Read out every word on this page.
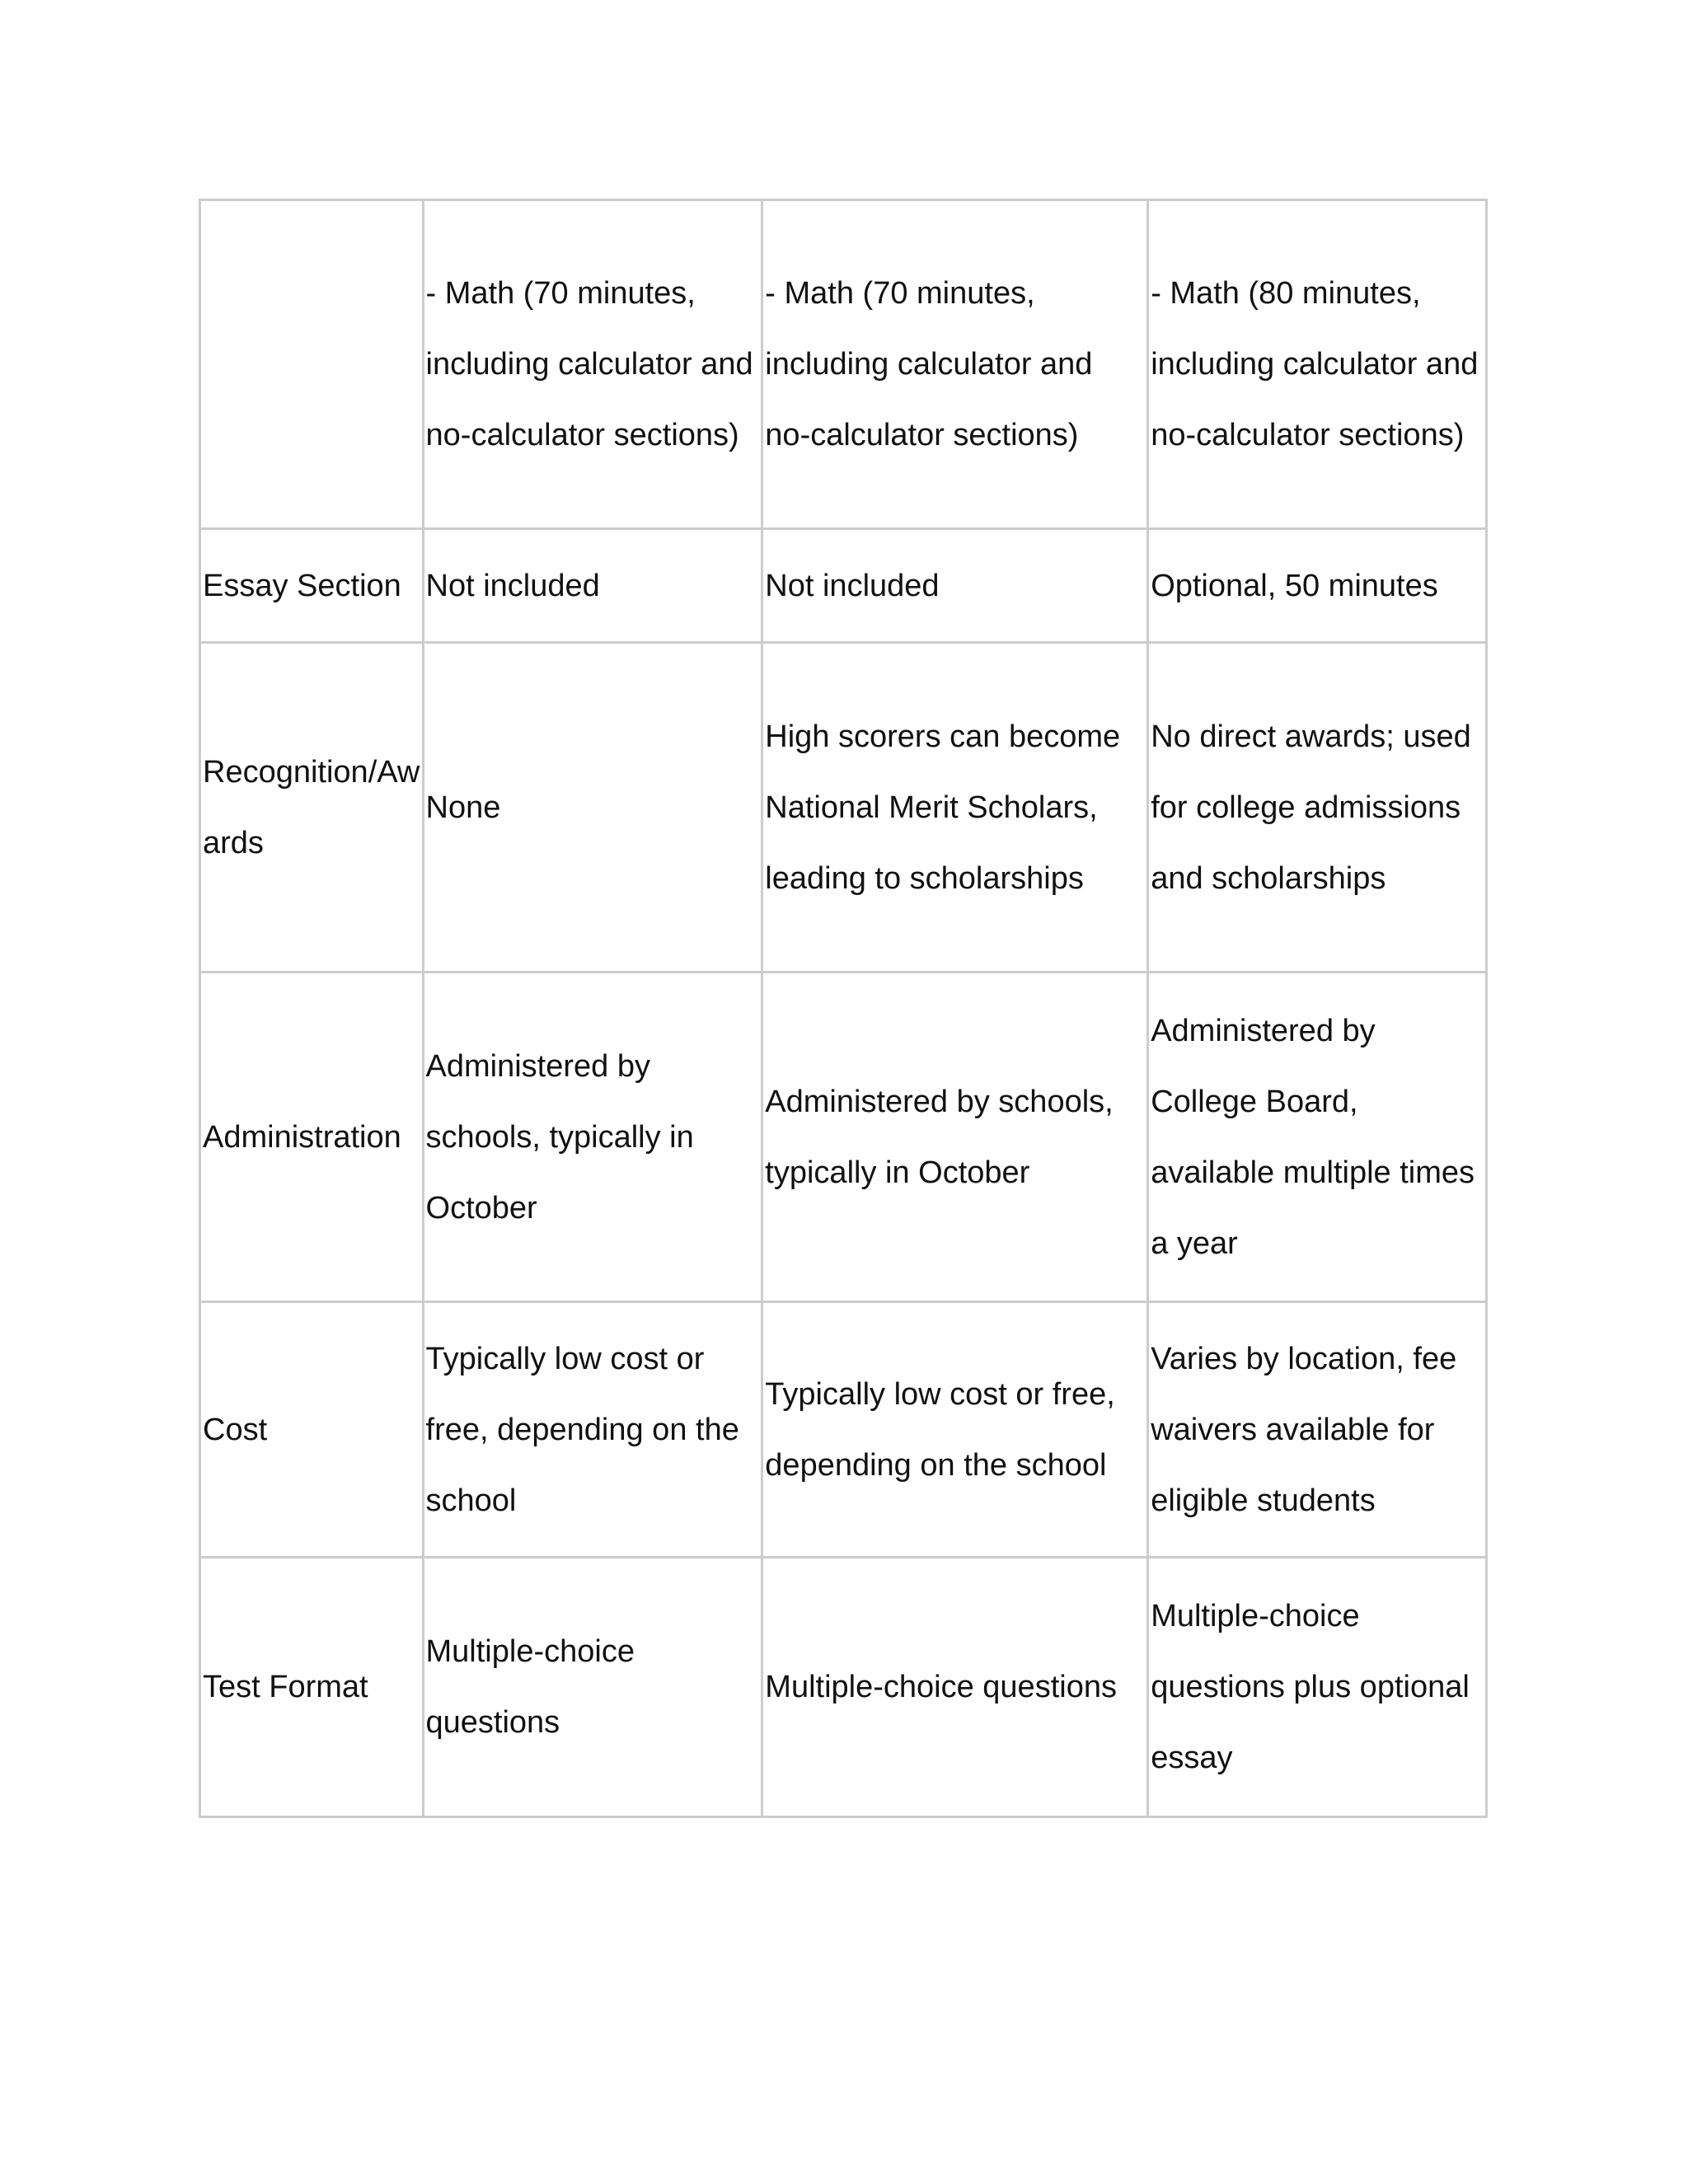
	- Math (70 minutes, including calculator and no-calculator sections)	- Math (70 minutes, including calculator and no-calculator sections)	- Math (80 minutes, including calculator and no-calculator sections)
Essay Section	Not included	Not included	Optional, 50 minutes
Recognition/Awards	None	High scorers can become National Merit Scholars, leading to scholarships	No direct awards; used for college admissions and scholarships
Administration	Administered by schools, typically in October	Administered by schools, typically in October	Administered by College Board, available multiple times a year
Cost	Typically low cost or free, depending on the school	Typically low cost or free, depending on the school	Varies by location, fee waivers available for eligible students
Test Format	Multiple-choice questions	Multiple-choice questions	Multiple-choice questions plus optional essay
